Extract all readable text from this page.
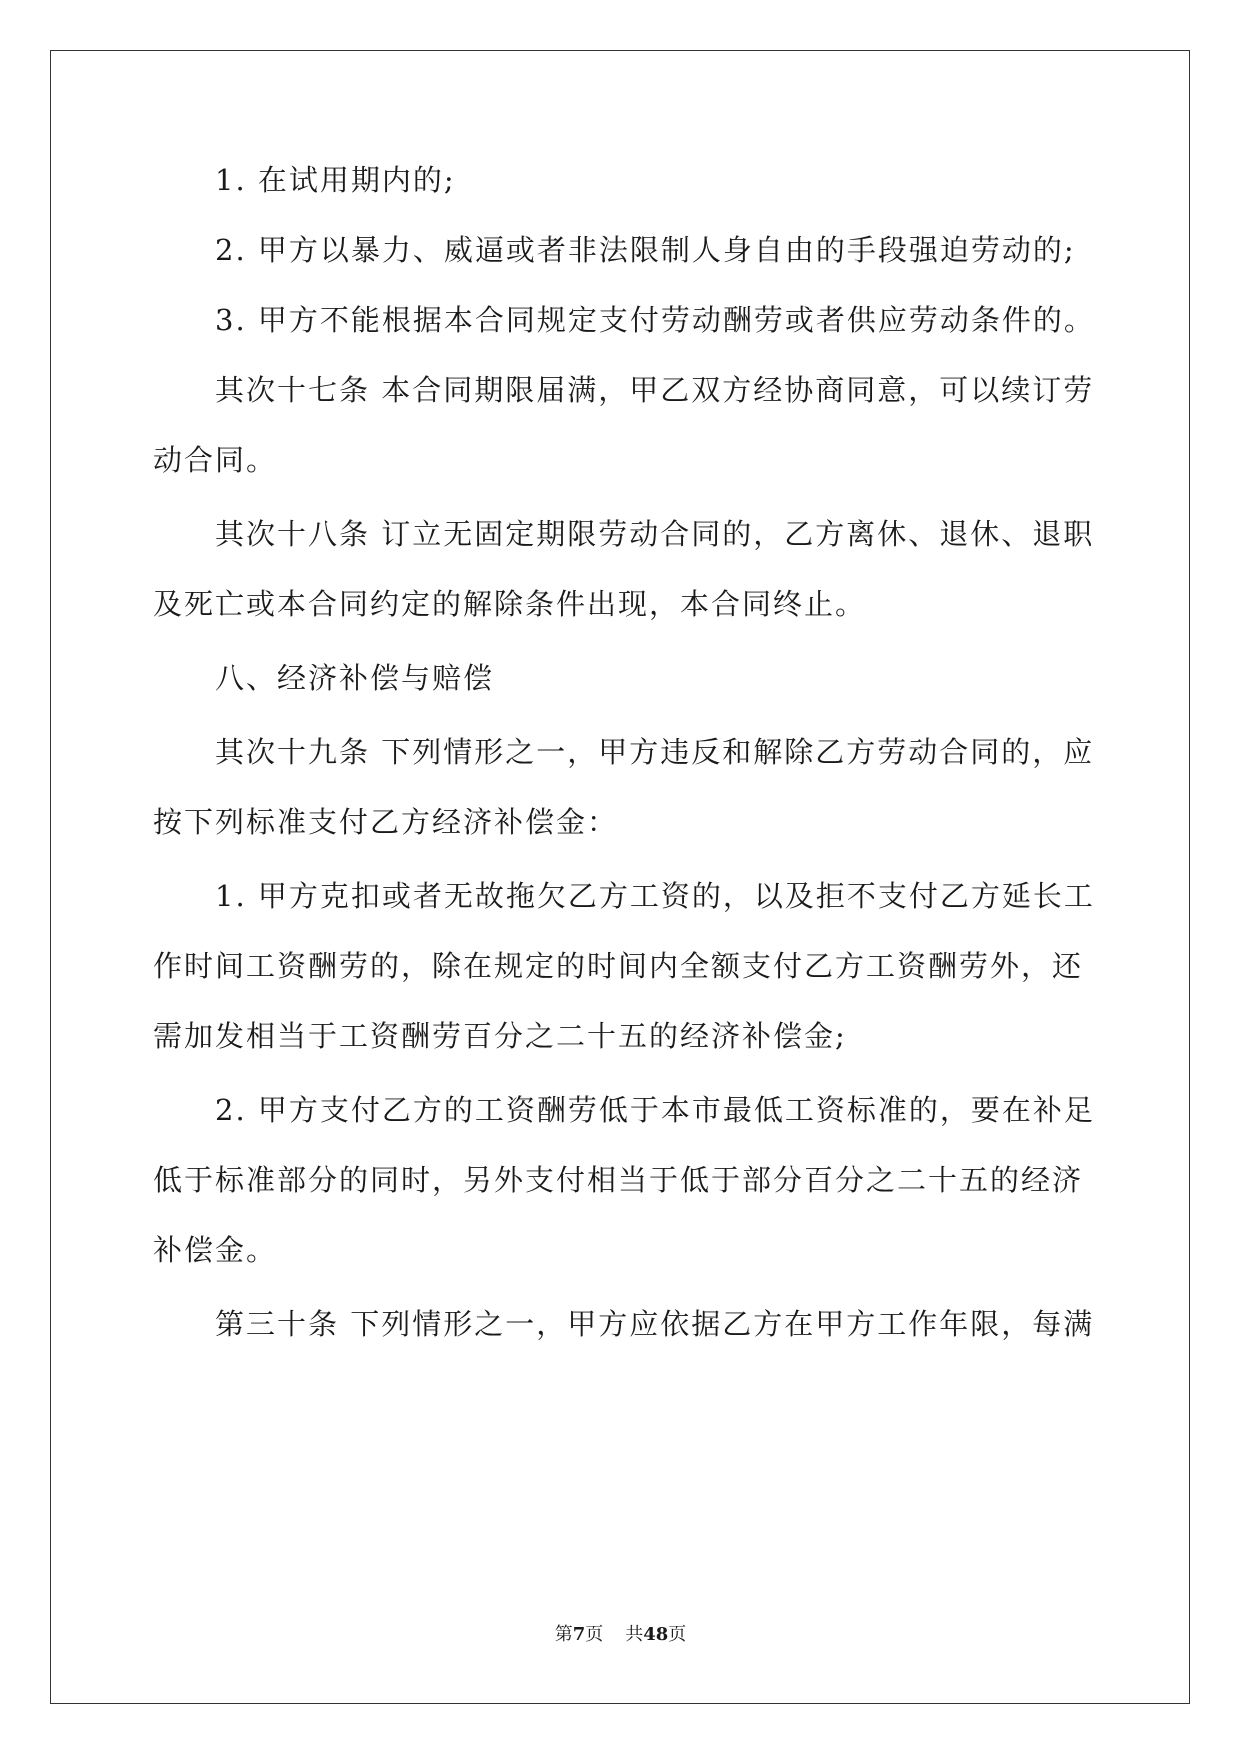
1. 在试用期内的;
2. 甲方以暴力、威逼或者非法限制人身自由的手段强迫劳动的;
3. 甲方不能根据本合同规定支付劳动酬劳或者供应劳动条件的。
其次十七条 本合同期限届满，甲乙双方经协商同意，可以续订劳
动合同。
其次十八条 订立无固定期限劳动合同的，乙方离休、退休、退职
及死亡或本合同约定的解除条件出现，本合同终止。
八、经济补偿与赔偿
其次十九条 下列情形之一，甲方违反和解除乙方劳动合同的，应
按下列标准支付乙方经济补偿金：
1. 甲方克扣或者无故拖欠乙方工资的，以及拒不支付乙方延长工
作时间工资酬劳的，除在规定的时间内全额支付乙方工资酬劳外，还
需加发相当于工资酬劳百分之二十五的经济补偿金;
2. 甲方支付乙方的工资酬劳低于本市最低工资标准的，要在补足
低于标准部分的同时，另外支付相当于低于部分百分之二十五的经济
补偿金。
第三十条 下列情形之一，甲方应依据乙方在甲方工作年限，每满
第7页 共48页
